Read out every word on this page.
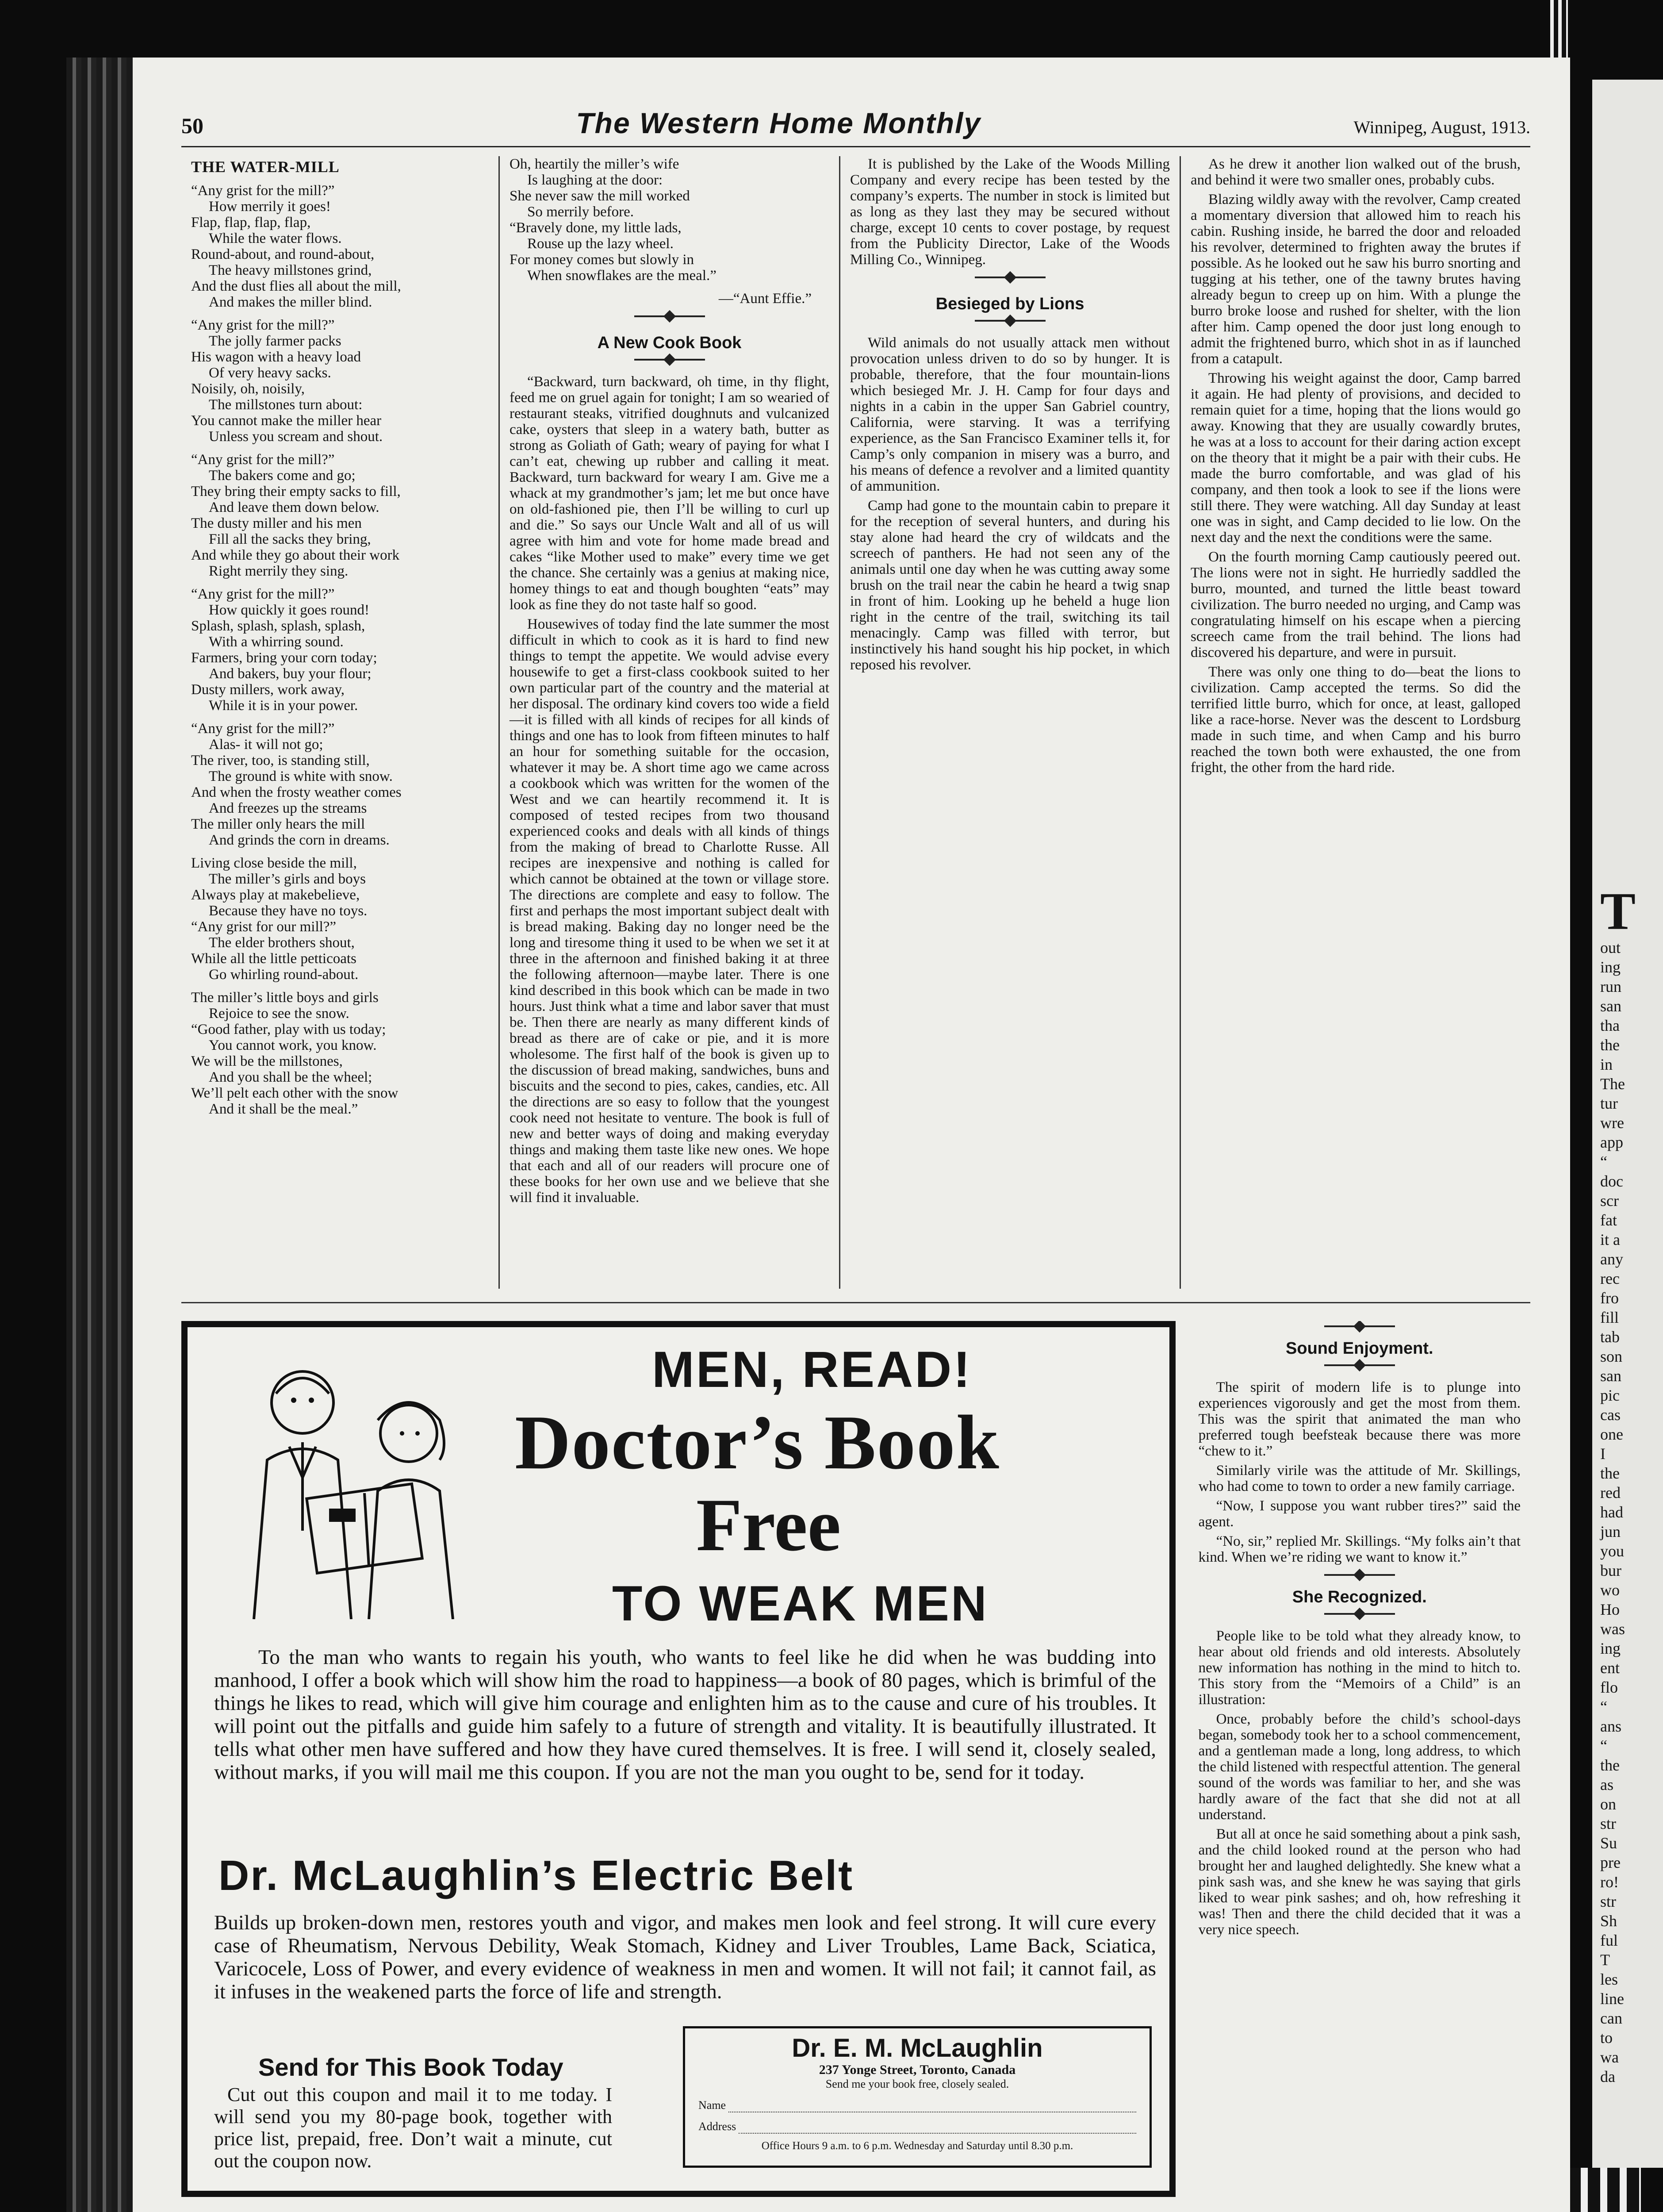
50	The Western Home Monthly	Winnipeg, August, 1913.
THE WATER-MILL
“Any grist for the mill?”
How merrily it goes!
Flap, flap, flap, flap,
While the water flows.
Round-about, and round-about,
The heavy millstones grind,
And the dust flies all about the mill,
And makes the miller blind.
“Any grist for the mill?”
The jolly farmer packs
His wagon with a heavy load
Of very heavy sacks.
Noisily, oh, noisily,
The millstones turn about:
You cannot make the miller hear
Unless you scream and shout.
“Any grist for the mill?”
The bakers come and go;
They bring their empty sacks to fill,
And leave them down below.
The dusty miller and his men
Fill all the sacks they bring,
And while they go about their work
Right merrily they sing.
“Any grist for the mill?”
How quickly it goes round!
Splash, splash, splash, splash,
With a whirring sound.
Farmers, bring your corn today;
And bakers, buy your flour;
Dusty millers, work away,
While it is in your power.
“Any grist for the mill?”
Alas- it will not go;
The river, too, is standing still,
The ground is white with snow.
And when the frosty weather comes
And freezes up the streams
The miller only hears the mill
And grinds the corn in dreams.
Living close beside the mill,
The miller’s girls and boys
Always play at makebelieve,
Because they have no toys.
“Any grist for our mill?”
The elder brothers shout,
While all the little petticoats
Go whirling round-about.
The miller’s little boys and girls
Rejoice to see the snow.
“Good father, play with us today;
You cannot work, you know.
We will be the millstones,
And you shall be the wheel;
We’ll pelt each other with the snow
And it shall be the meal.”
Oh, heartily the miller’s wife
Is laughing at the door:
She never saw the mill worked
So merrily before.
“Bravely done, my little lads,
Rouse up the lazy wheel.
For money comes but slowly in
When snowflakes are the meal.”
—“Aunt Effie.”
A New Cook Book

“Backward, turn backward, oh time, in thy flight, feed me on gruel again for tonight; I am so wearied of restaurant steaks, vitrified doughnuts and vulcanized cake, oysters that sleep in a watery bath, butter as strong as Goliath of Gath; weary of paying for what I can’t eat, chewing up rubber and calling it meat. Backward, turn backward for weary I am. Give me a whack at my grandmother’s jam; let me but once have on old-fashioned pie, then I’ll be willing to curl up and die.” So says our Uncle Walt and all of us will agree with him and vote for home made bread and cakes “like Mother used to make” every time we get the chance. She certainly was a genius at making nice, homey things to eat and though boughten “eats” may look as fine they do not taste half so good.

Housewives of today find the late summer the most difficult in which to cook as it is hard to find new things to tempt the appetite. We would advise every housewife to get a first-class cookbook suited to her own particular part of the country and the material at her disposal. The ordinary kind covers too wide a field—it is filled with all kinds of recipes for all kinds of things and one has to look from fifteen minutes to half an hour for something suitable for the occasion, whatever it may be. A short time ago we came across a cookbook which was written for the women of the West and we can heartily recommend it. It is composed of tested recipes from two thousand experienced cooks and deals with all kinds of things from the making of bread to Charlotte Russe. All recipes are inexpensive and nothing is called for which cannot be obtained at the town or village store. The directions are complete and easy to follow. The first and perhaps the most important subject dealt with is bread making. Baking day no longer need be the long and tiresome thing it used to be when we set it at three in the afternoon and finished baking it at three the following afternoon—maybe later. There is one kind described in this book which can be made in two hours. Just think what a time and labor saver that must be. Then there are nearly as many different kinds of bread as there are of cake or pie, and it is more wholesome. The first half of the book is given up to the discussion of bread making, sandwiches, buns and biscuits and the second to pies, cakes, candies, etc. All the directions are so easy to follow that the youngest cook need not hesitate to venture. The book is full of new and better ways of doing and making everyday things and making them taste like new ones. We hope that each and all of our readers will procure one of these books for her own use and we believe that she will find it invaluable.

It is published by the Lake of the Woods Milling Company and every recipe has been tested by the company’s experts. The number in stock is limited but as long as they last they may be secured without charge, except 10 cents to cover postage, by request from the Publicity Director, Lake of the Woods Milling Co., Winnipeg.

Besieged by Lions

Wild animals do not usually attack men without provocation unless driven to do so by hunger. It is probable, therefore, that the four mountain-lions which besieged Mr. J. H. Camp for four days and nights in a cabin in the upper San Gabriel country, California, were starving. It was a terrifying experience, as the San Francisco Examiner tells it, for Camp’s only companion in misery was a burro, and his means of defence a revolver and a limited quantity of ammunition.

Camp had gone to the mountain cabin to prepare it for the reception of several hunters, and during his stay alone had heard the cry of wildcats and the screech of panthers. He had not seen any of the animals until one day when he was cutting away some brush on the trail near the cabin he heard a twig snap in front of him. Looking up he beheld a huge lion right in the centre of the trail, switching its tail menacingly. Camp was filled with terror, but instinctively his hand sought his hip pocket, in which reposed his revolver.

As he drew it another lion walked out of the brush, and behind it were two smaller ones, probably cubs.

Blazing wildly away with the revolver, Camp created a momentary diversion that allowed him to reach his cabin. Rushing inside, he barred the door and reloaded his revolver, determined to frighten away the brutes if possible. As he looked out he saw his burro snorting and tugging at his tether, one of the tawny brutes having already begun to creep up on him. With a plunge the burro broke loose and rushed for shelter, with the lion after him. Camp opened the door just long enough to admit the frightened burro, which shot in as if launched from a catapult.

Throwing his weight against the door, Camp barred it again. He had plenty of provisions, and decided to remain quiet for a time, hoping that the lions would go away. Knowing that they are usually cowardly brutes, he was at a loss to account for their daring action except on the theory that it might be a pair with their cubs. He made the burro comfortable, and was glad of his company, and then took a look to see if the lions were still there. They were watching. All day Sunday at least one was in sight, and Camp decided to lie low. On the next day and the next the conditions were the same.

On the fourth morning Camp cautiously peered out. The lions were not in sight. He hurriedly saddled the burro, mounted, and turned the little beast toward civilization. The burro needed no urging, and Camp was congratulating himself on his escape when a piercing screech came from the trail behind. The lions had discovered his departure, and were in pursuit.

There was only one thing to do—beat the lions to civilization. Camp accepted the terms. So did the terrified little burro, which for once, at least, galloped like a race-horse. Never was the descent to Lordsburg made in such time, and when Camp and his burro reached the town both were exhausted, the one from fright, the other from the hard ride.

MEN, READ!
Doctor’s Book
Free
TO WEAK MEN
To the man who wants to regain his youth, who wants to feel like he did when he was budding into manhood, I offer a book which will show him the road to happiness—a book of 80 pages, which is brimful of the things he likes to read, which will give him courage and enlighten him as to the cause and cure of his troubles. It will point out the pitfalls and guide him safely to a future of strength and vitality. It is beautifully illustrated. It tells what other men have suffered and how they have cured themselves. It is free. I will send it, closely sealed, without marks, if you will mail me this coupon. If you are not the man you ought to be, send for it today.
Dr. McLaughlin’s Electric Belt
Builds up broken-down men, restores youth and vigor, and makes men look and feel strong. It will cure every case of Rheumatism, Nervous Debility, Weak Stomach, Kidney and Liver Troubles, Lame Back, Sciatica, Varicocele, Loss of Power, and every evidence of weakness in men and women. It will not fail; it cannot fail, as it infuses in the weakened parts the force of life and strength.
Send for This Book Today
Cut out this coupon and mail it to me today. I will send you my 80-page book, together with price list, prepaid, free. Don’t wait a minute, cut out the coupon now.
Dr. E. M. McLaughlin
237 Yonge Street, Toronto, Canada
Send me your book free, closely sealed.
Name
Address
Office Hours 9 a.m. to 6 p.m. Wednesday and Saturday until 8.30 p.m.
Sound Enjoyment.

The spirit of modern life is to plunge into experiences vigorously and get the most from them. This was the spirit that animated the man who preferred tough beefsteak because there was more “chew to it.”

Similarly virile was the attitude of Mr. Skillings, who had come to town to order a new family carriage.

“Now, I suppose you want rubber tires?” said the agent.

“No, sir,” replied Mr. Skillings. “My folks ain’t that kind. When we’re riding we want to know it.”

She Recognized.

People like to be told what they already know, to hear about old friends and old interests. Absolutely new information has nothing in the mind to hitch to. This story from the “Memoirs of a Child” is an illustration:

Once, probably before the child’s school-days began, somebody took her to a school commencement, and a gentleman made a long, long address, to which the child listened with respectful attention. The general sound of the words was familiar to her, and she was hardly aware of the fact that she did not at all understand.

But all at once he said something about a pink sash, and the child looked round at the person who had brought her and laughed delightedly. She knew what a pink sash was, and she knew he was saying that girls liked to wear pink sashes; and oh, how refreshing it was! Then and there the child decided that it was a very nice speech.

T
out
ing
run
san
tha
the
in
The
tur
wre
app
“
doc
scr
fat
it a
any
rec
fro
fill
tab
son
san
pic
cas
one
I
the
red
had
jun
you
bur
wo
Ho
was
ing
ent
flo
“
ans
“
the
as
on
str
Su
pre
ro!
str
Sh
ful
T
les
line
can
to
wa
da
